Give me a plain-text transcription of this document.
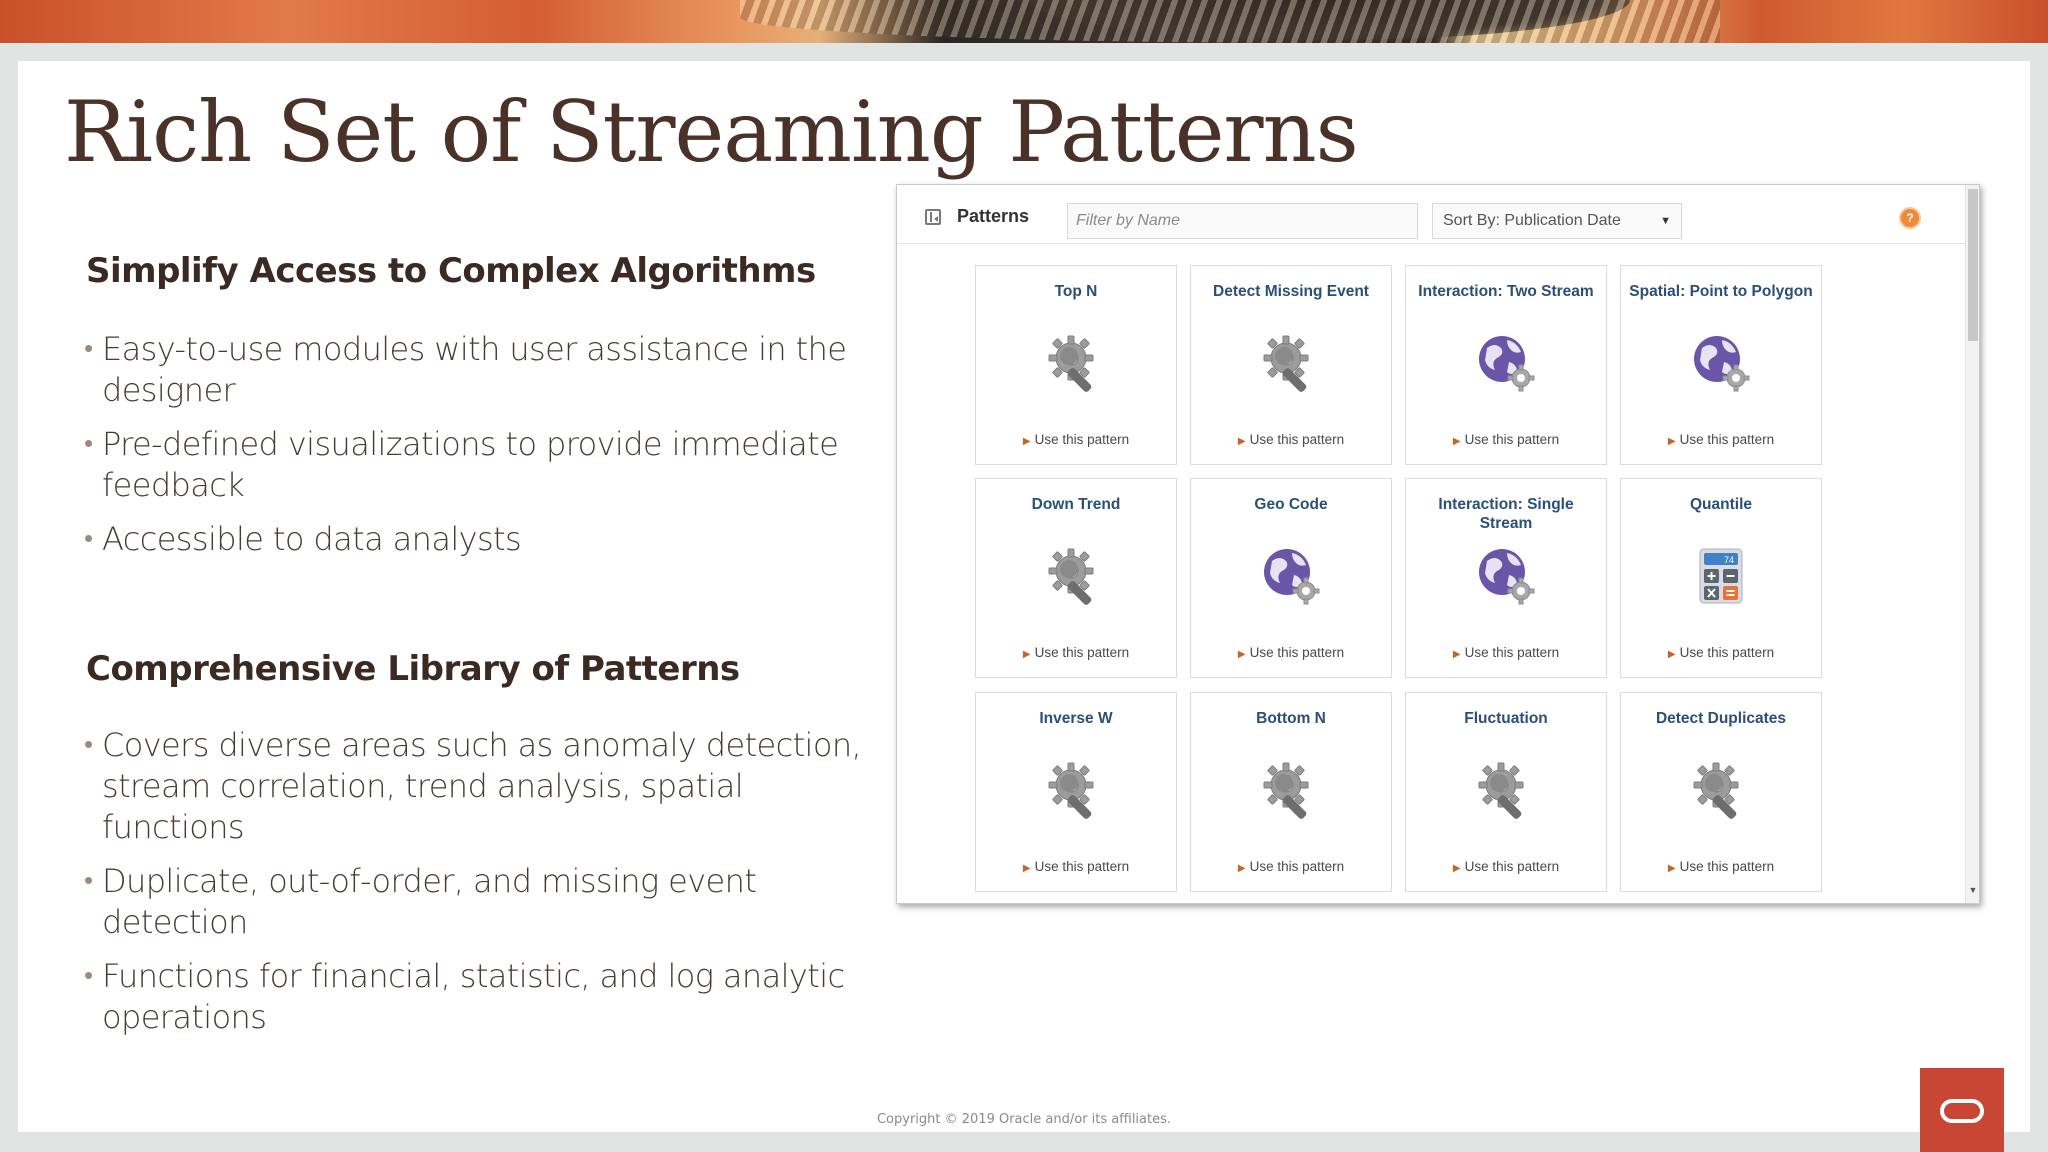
Rich Set of Streaming Patterns
Simplify Access to Complex Algorithms
• Easy-to-use modules with user assistance in the designer
• Pre-defined visualizations to provide immediate feedback
• Accessible to data analysts
Comprehensive Library of Patterns
• Covers diverse areas such as anomaly detection, stream correlation, trend analysis, spatial functions
• Duplicate, out-of-order, and missing event detection
• Functions for financial, statistic, and log analytic operations
Patterns
Filter by Name	Sort By: Publication Date	▼	?
Top N
▶ Use this pattern
Detect Missing Event
▶ Use this pattern
Interaction: Two Stream
▶ Use this pattern
Spatial: Point to Polygon
▶ Use this pattern
Down Trend
▶ Use this pattern
Geo Code
▶ Use this pattern
Interaction: Single Stream
▶ Use this pattern
Quantile
74
▶ Use this pattern
Inverse W
▶ Use this pattern
Bottom N
▶ Use this pattern
Fluctuation
▶ Use this pattern
Detect Duplicates
▶ Use this pattern
▼
Copyright © 2019 Oracle and/or its affiliates.
